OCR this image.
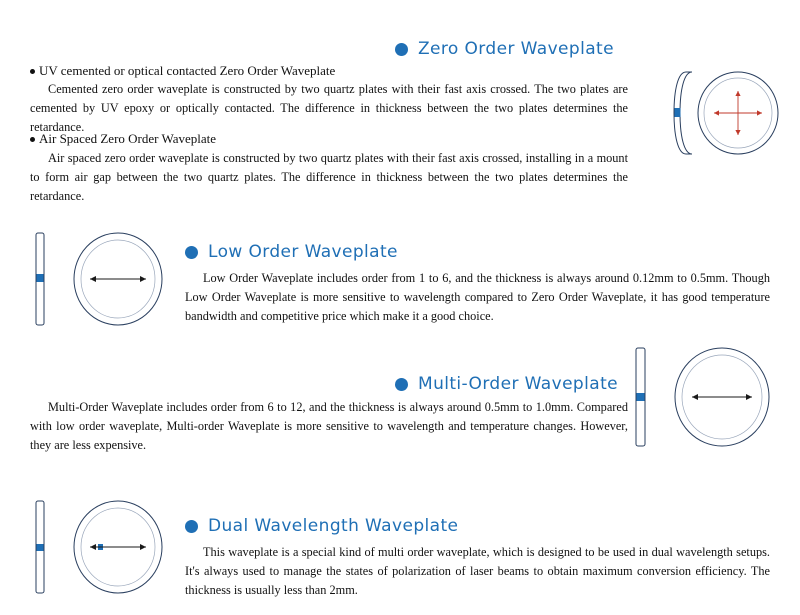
Zero Order Waveplate
UV cemented or optical contacted Zero Order Waveplate
Cemented zero order waveplate is constructed by two quartz plates with their fast axis crossed. The two plates are cemented by UV epoxy or optically contacted. The difference in thickness between the two plates determines the retardance.
Air Spaced Zero Order Waveplate
Air spaced zero order waveplate is constructed by two quartz plates with their fast axis crossed, installing in a mount to form air gap between the two quartz plates. The difference in thickness between the two plates determines the retardance.
Low Order Waveplate
Low Order Waveplate includes order from 1 to 6, and the thickness is always around 0.12mm to 0.5mm. Though Low Order Waveplate is more sensitive to wavelength compared to Zero Order Waveplate, it has good temperature bandwidth and competitive price which make it a good choice.
Multi-Order Waveplate
Multi-Order Waveplate includes order from 6 to 12, and the thickness is always around 0.5mm to 1.0mm. Compared with low order waveplate, Multi-order Waveplate is more sensitive to wavelength and temperature changes. However, they are less expensive.
Dual Wavelength Waveplate
This waveplate is a special kind of multi order waveplate, which is designed to be used in dual wavelength setups. It's always used to manage the states of polarization of laser beams to obtain maximum conversion efficiency. The thickness is usually less than 2mm.
